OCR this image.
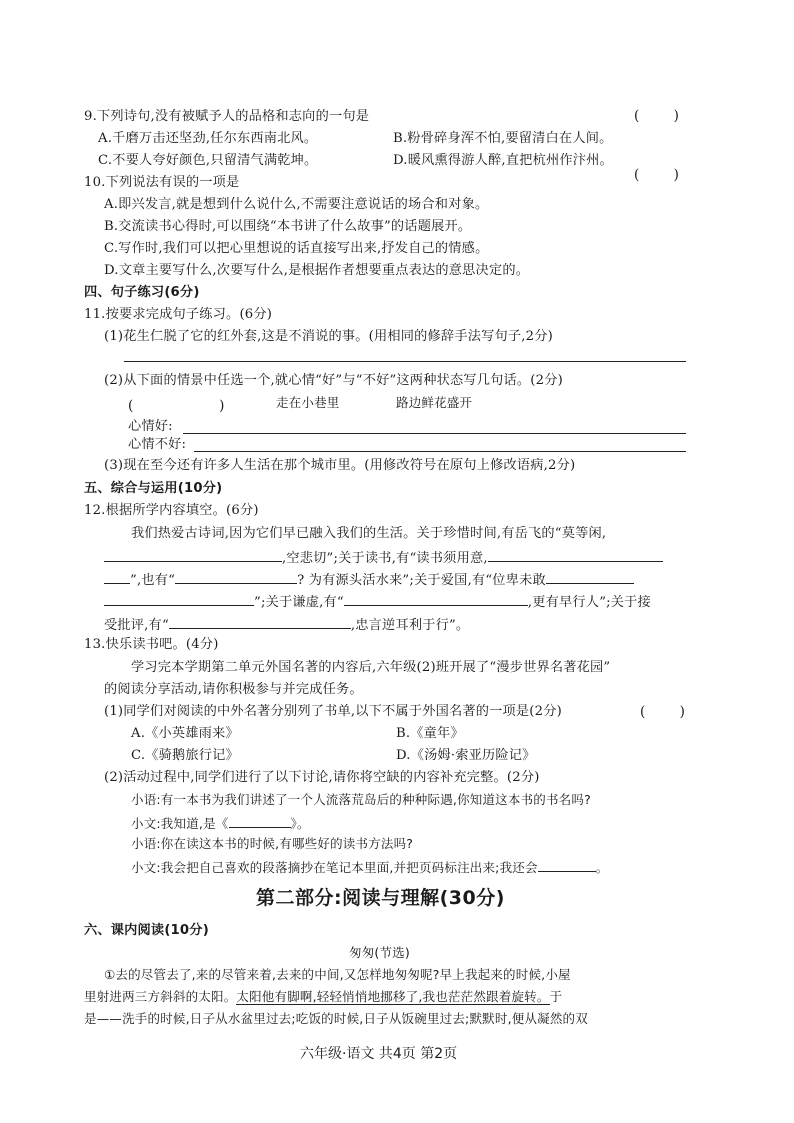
9.下列诗句,没有被赋予人的品格和志向的一句是	(        )
A.千磨万击还坚劲,任尔东西南北风。	B.粉骨碎身浑不怕,要留清白在人间。
C.不要人夸好颜色,只留清气满乾坤。	D.暖风熏得游人醉,直把杭州作汴州。
10.下列说法有误的一项是	(        )
A.即兴发言,就是想到什么说什么,不需要注意说话的场合和对象。
B.交流读书心得时,可以围绕“本书讲了什么故事”的话题展开。
C.写作时,我们可以把心里想说的话直接写出来,抒发自己的情感。
D.文章主要写什么,次要写什么,是根据作者想要重点表达的意思决定的。
四、句子练习(6分)
11.按要求完成句子练习。(6分)
(1)花生仁脱了它的红外套,这是不消说的事。(用相同的修辞手法写句子,2分)
(2)从下面的情景中任选一个,就心情“好”与“不好”这两种状态写几句话。(2分)
走在小巷里	路边鲜花盛开
(                    )
心情好:
心情不好:
(3)现在至今还有许多人生活在那个城市里。(用修改符号在原句上修改语病,2分)
五、综合与运用(10分)
12.根据所学内容填空。(6分)
我们热爱古诗词,因为它们早已融入我们的生活。关于珍惜时间,有岳飞的“莫等闲,
,空悲切”;关于读书,有“读书须用意,
”,也有“	? 为有源头活水来”;关于爱国,有“位卑未敢
”;关于谦虚,有“	,更有早行人”;关于接
受批评,有“	,忠言逆耳利于行”。
13.快乐读书吧。(4分)
学习完本学期第二单元外国名著的内容后,六年级(2)班开展了“漫步世界名著花园”
的阅读分享活动,请你积极参与并完成任务。
(1)同学们对阅读的中外名著分别列了书单,以下不属于外国名著的一项是(2分)	(        )
A.《小英雄雨来》	B.《童年》
C.《骑鹅旅行记》	D.《汤姆·索亚历险记》
(2)活动过程中,同学们进行了以下讨论,请你将空缺的内容补充完整。(2分)
小语:有一本书为我们讲述了一个人流落荒岛后的种种际遇,你知道这本书的书名吗?
小文:我知道,是《	》。
小语:你在读这本书的时候,有哪些好的读书方法吗?
小文:我会把自己喜欢的段落摘抄在笔记本里面,并把页码标注出来;我还会	。
第二部分:阅读与理解(30分)
六、课内阅读(10分)
匆匆(节选)
①去的尽管去了,来的尽管来着,去来的中间,又怎样地匆匆呢?早上我起来的时候,小屋
里射进两三方斜斜的太阳。太阳他有脚啊,轻轻悄悄地挪移了,我也茫茫然跟着旋转。于
是——洗手的时候,日子从水盆里过去;吃饭的时候,日子从饭碗里过去;默默时,便从凝然的双
六年级·语文 共4页 第2页
